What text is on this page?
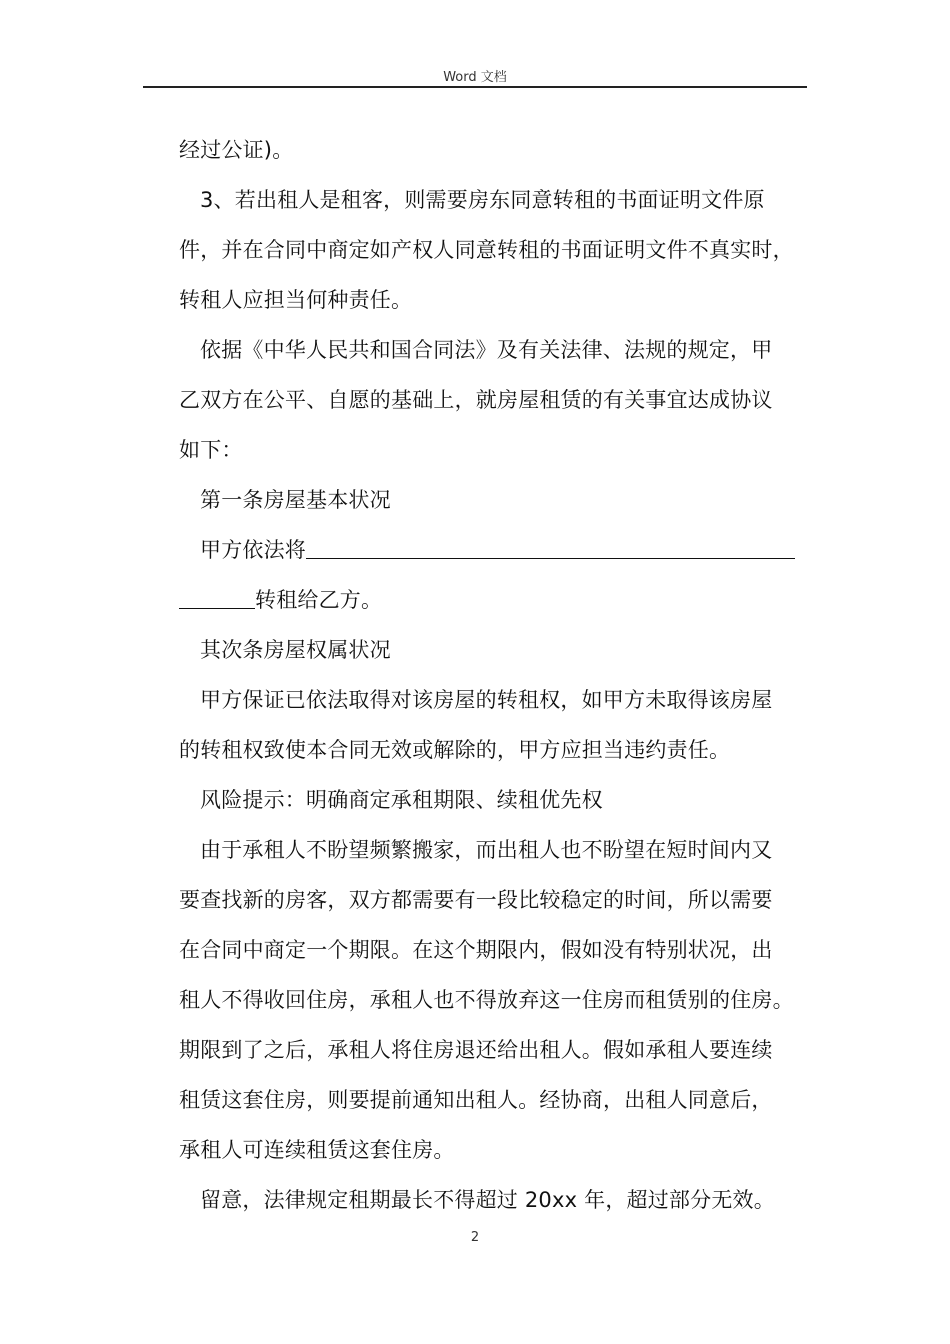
Word 文档
经过公证)。
3、若出租人是租客，则需要房东同意转租的书面证明文件原
件，并在合同中商定如产权人同意转租的书面证明文件不真实时，
转租人应担当何种责任。
依据《中华人民共和国合同法》及有关法律、法规的规定，甲
乙双方在公平、自愿的基础上，就房屋租赁的有关事宜达成协议
如下：
第一条房屋基本状况
甲方依法将
转租给乙方。
其次条房屋权属状况
甲方保证已依法取得对该房屋的转租权，如甲方未取得该房屋
的转租权致使本合同无效或解除的，甲方应担当违约责任。
风险提示：明确商定承租期限、续租优先权
由于承租人不盼望频繁搬家，而出租人也不盼望在短时间内又
要查找新的房客，双方都需要有一段比较稳定的时间，所以需要
在合同中商定一个期限。在这个期限内，假如没有特别状况，出
租人不得收回住房，承租人也不得放弃这一住房而租赁别的住房。
期限到了之后，承租人将住房退还给出租人。假如承租人要连续
租赁这套住房，则要提前通知出租人。经协商，出租人同意后，
承租人可连续租赁这套住房。
留意，法律规定租期最长不得超过 20xx 年，超过部分无效。
2
